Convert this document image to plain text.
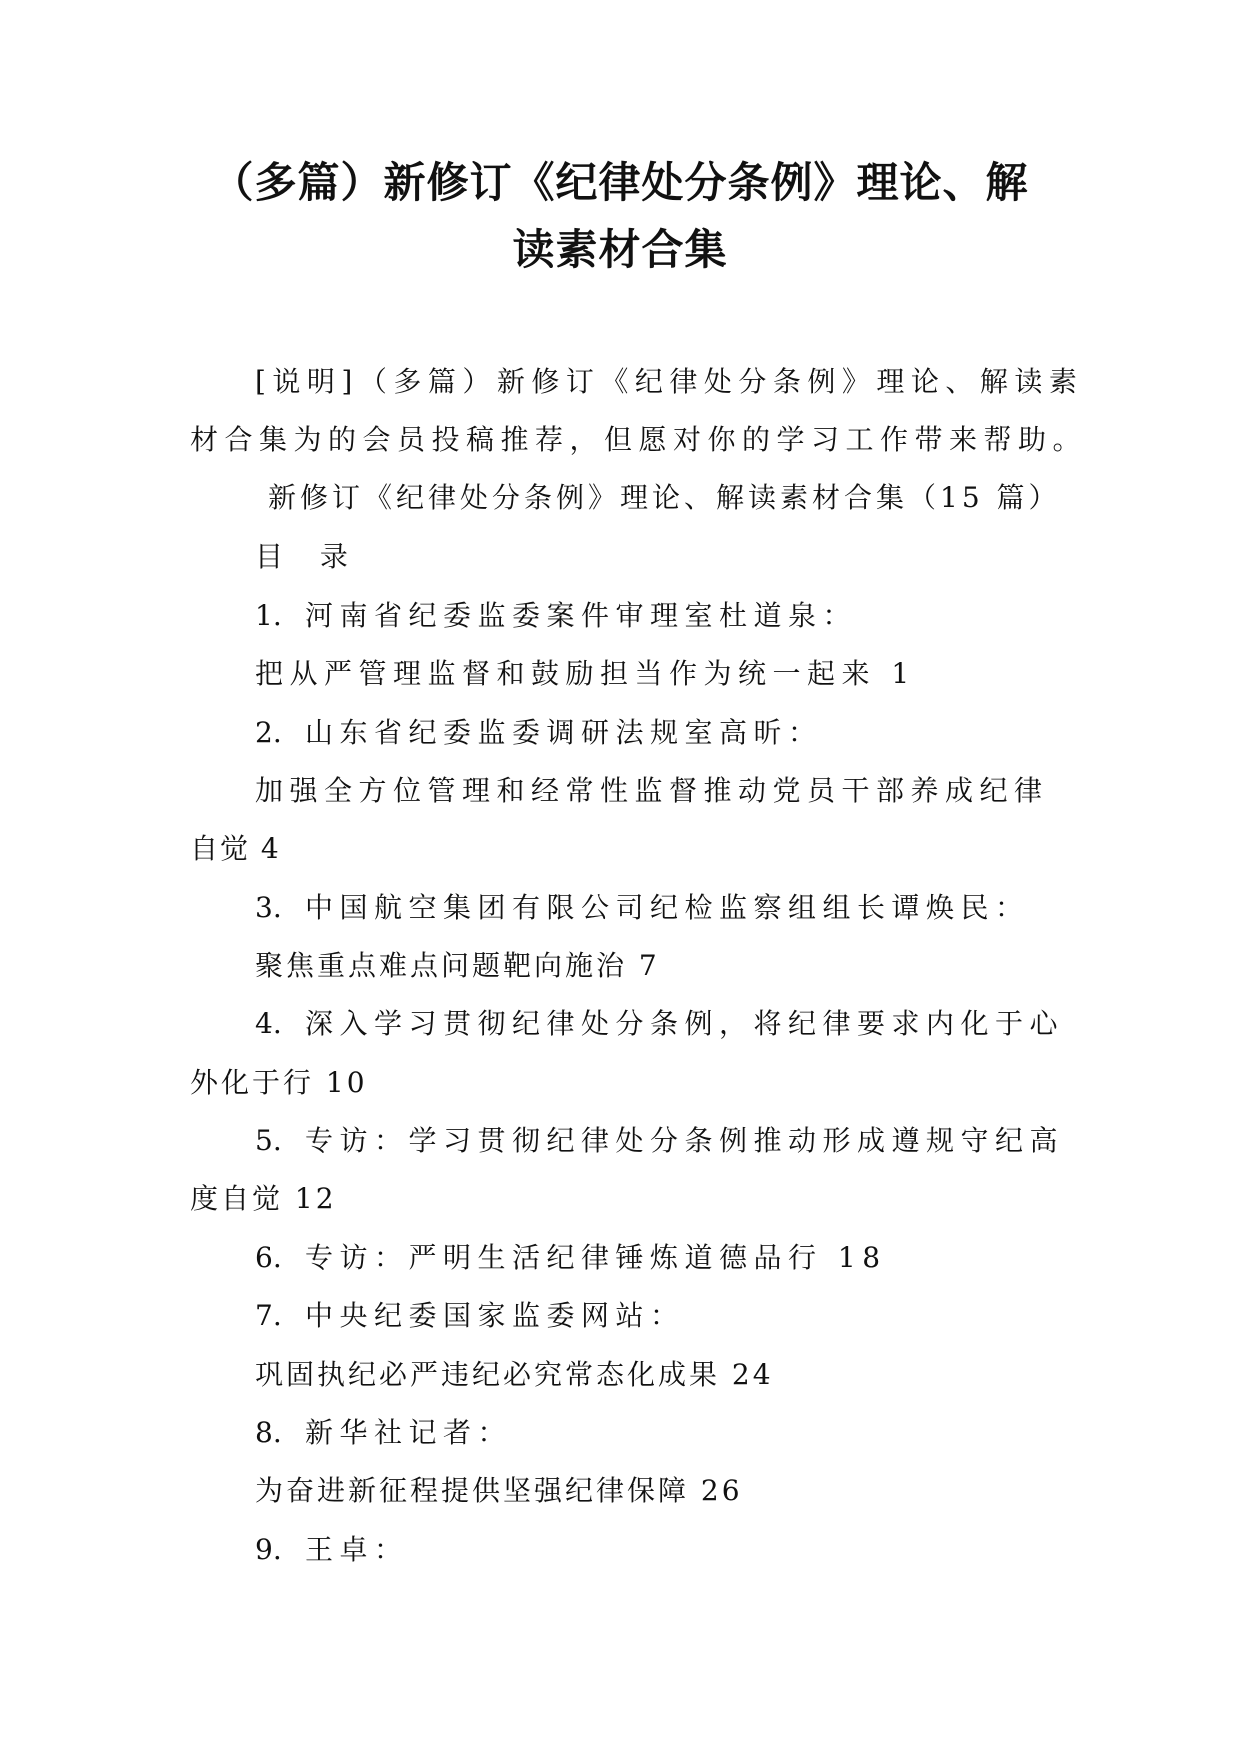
（多篇）新修订《纪律处分条例》理论、解
读素材合集
[说明]（多篇）新修订《纪律处分条例》理论、解读素
材合集为的会员投稿推荐，但愿对你的学习工作带来帮助。
新修订《纪律处分条例》理论、解读素材合集（15 篇）
目 录
1. 河南省纪委监委案件审理室杜道泉：
把从严管理监督和鼓励担当作为统一起来 1
2. 山东省纪委监委调研法规室高昕：
加强全方位管理和经常性监督推动党员干部养成纪律
自觉 4
3. 中国航空集团有限公司纪检监察组组长谭焕民：
聚焦重点难点问题靶向施治 7
4. 深入学习贯彻纪律处分条例，将纪律要求内化于心
外化于行 10
5. 专访：学习贯彻纪律处分条例推动形成遵规守纪高
度自觉 12
6. 专访：严明生活纪律锤炼道德品行 18
7. 中央纪委国家监委网站：
巩固执纪必严违纪必究常态化成果 24
8. 新华社记者：
为奋进新征程提供坚强纪律保障 26
9. 王卓：
